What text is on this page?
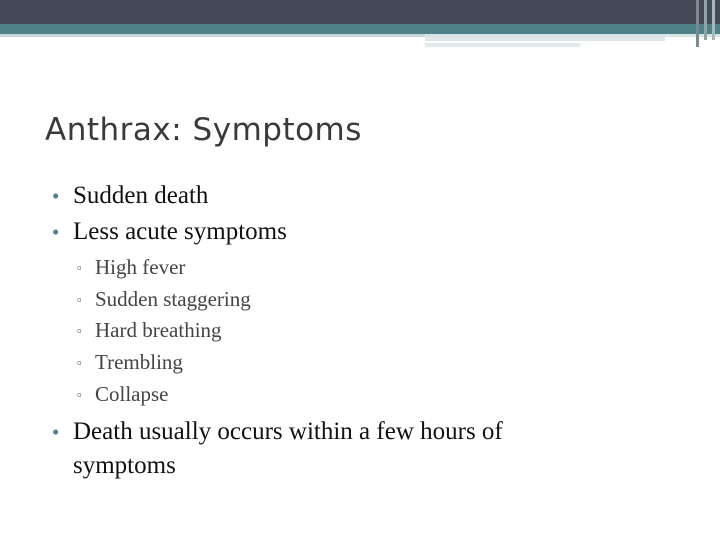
Anthrax: Symptoms
• Sudden death
• Less acute symptoms
▫ High fever
▫ Sudden staggering
▫ Hard breathing
▫ Trembling
▫ Collapse
• Death usually occurs within a few hours of
symptoms
